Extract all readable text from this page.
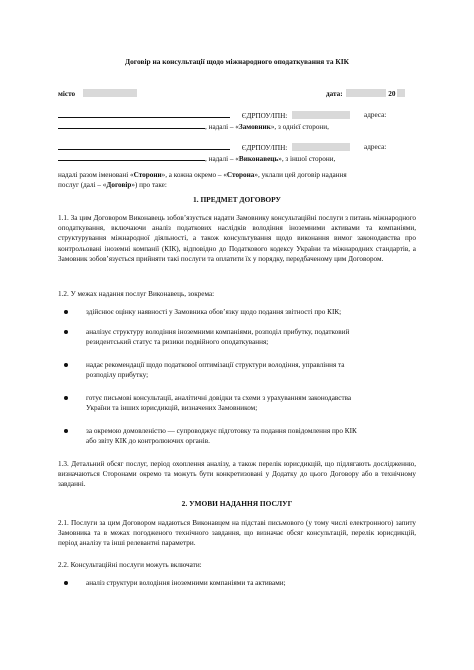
Договір на консультації щодо міжнародного оподаткування та КІК
місто	дата:	20
ЄДРПОУ/ІПН:	адреса:
, надалі – «Замовник», з однієї сторони,
ЄДРПОУ/ІПН:	адреса:
, надалі – «Виконавець», з іншої сторони,
надалі разом іменовані «Сторони», а кожна окремо – «Сторона», уклали цей договір надання
послуг (далі – «Договір») про таке:
1. ПРЕДМЕТ ДОГОВОРУ

1.1. За цим Договором Виконавець зобов’язується надати Замовнику консультаційні послуги з питань міжнародного оподаткування, включаючи аналіз податкових наслідків володіння іноземними активами та компаніями, структурування міжнародної діяльності, а також консультування щодо виконання вимог законодавства про контрольовані іноземні компанії (КІК), відповідно до Податкового кодексу України та міжнародних стандартів, а Замовник зобов’язується прийняти такі послуги та оплатити їх у порядку, передбаченому цим Договором.

1.2. У межах надання послуг Виконавець, зокрема:
здійснює оцінку наявності у Замовника обов’язку щодо подання звітності про КІК;
аналізує структуру володіння іноземними компаніями, розподіл прибутку, податковий
резидентський статус та ризики подвійного оподаткування;
надає рекомендації щодо податкової оптимізації структури володіння, управління та
розподілу прибутку;
готує письмові консультації, аналітичні довідки та схеми з урахуванням законодавства
України та інших юрисдикцій, визначених Замовником;
за окремою домовленістю — супроводжує підготовку та подання повідомлення про КІК
або звіту КІК до контролюючих органів.

1.3. Детальний обсяг послуг, період охоплення аналізу, а також перелік юрисдикцій, що підлягають дослідженню, визначаються Сторонами окремо та можуть бути конкретизовані у Додатку до цього Договору або в технічному завданні.

2. УМОВИ НАДАННЯ ПОСЛУГ

2.1. Послуги за цим Договором надаються Виконавцем на підставі письмового (у тому числі електронного) запиту Замовника та в межах погодженого технічного завдання, що визначає обсяг консультацій, перелік юрисдикцій, період аналізу та інші релевантні параметри.

2.2. Консультаційні послуги можуть включати:
аналіз структури володіння іноземними компаніями та активами;
